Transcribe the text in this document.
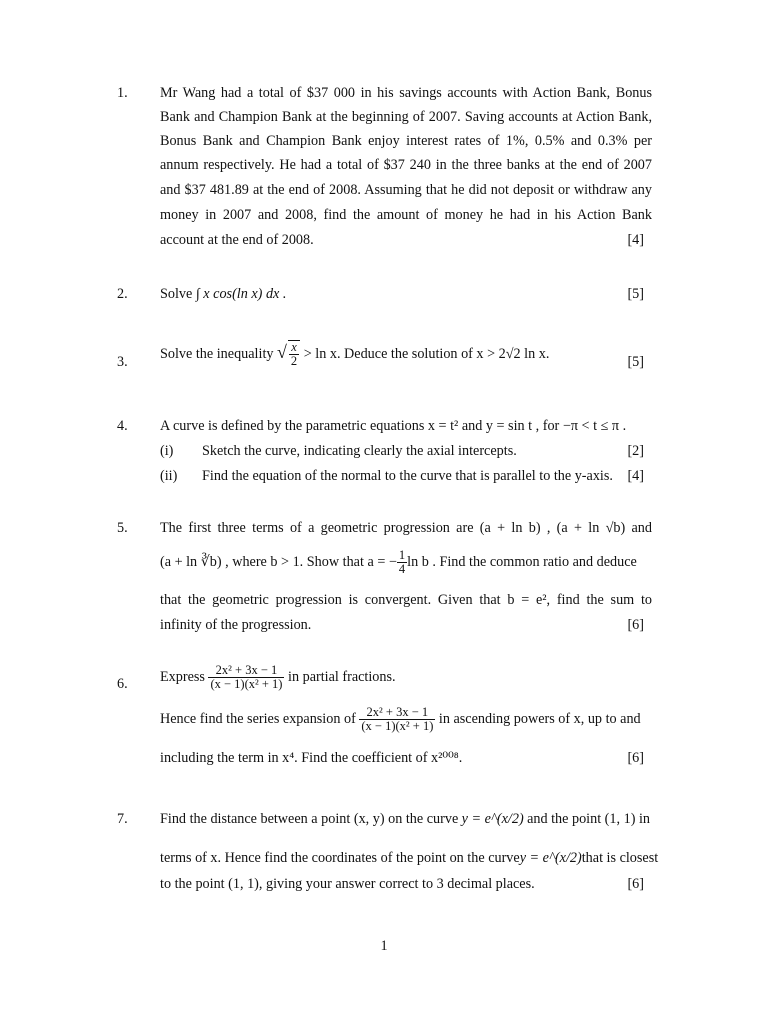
1. Mr Wang had a total of $37 000 in his savings accounts with Action Bank, Bonus
Bank and Champion Bank at the beginning of 2007. Saving accounts at Action Bank,
Bonus Bank and Champion Bank enjoy interest rates of 1%, 0.5% and 0.3% per
annum respectively. He had a total of $37 240 in the three banks at the end of 2007
and $37 481.89 at the end of 2008. Assuming that he did not deposit or withdraw any
money in 2007 and 2008, find the amount of money he had in his Action Bank
account at the end of 2008.	[4]
2. Solve ∫ x cos(ln x) dx .	[5]
3.
Solve the inequality √ $\frac{x}{2} > \ln x$. Deduce the solution of x > 2√2 ln x.
[5]
4. A curve is defined by the parametric equations x = t² and y = sin t , for −π < t ≤ π .
(i) Sketch the curve, indicating clearly the axial intercepts.	[2]
(ii) Find the equation of the normal to the curve that is parallel to the y-axis. [4]
5. The first three terms of a geometric progression are (a + ln b) , (a + ln √b) and
(a + ln ∛b) , where b > 1. Show that a = − $\frac{1}{4}$ ln b . Find the common ratio and deduce
that the geometric progression is convergent. Given that b = e², find the sum to
infinity of the progression.	[6]
6. Express $\frac{\text{2x² + 3x − 1}}{\text{(x − 1)(x² + 1)}}$ in partial fractions.
Hence find the series expansion of $\frac{\text{2x² + 3x − 1}}{\text{(x − 1)(x² + 1)}}$ in ascending powers of x, up to and
including the term in x⁴. Find the coefficient of x²⁰⁰⁸.	[6]
7. Find the distance between a point (x, y) on the curve y = e^(x/2) and the point (1, 1) in
terms of x. Hence find the coordinates of the point on the curve y = e^(x/2) that is closest
to the point (1, 1), giving your answer correct to 3 decimal places.	[6]
1
